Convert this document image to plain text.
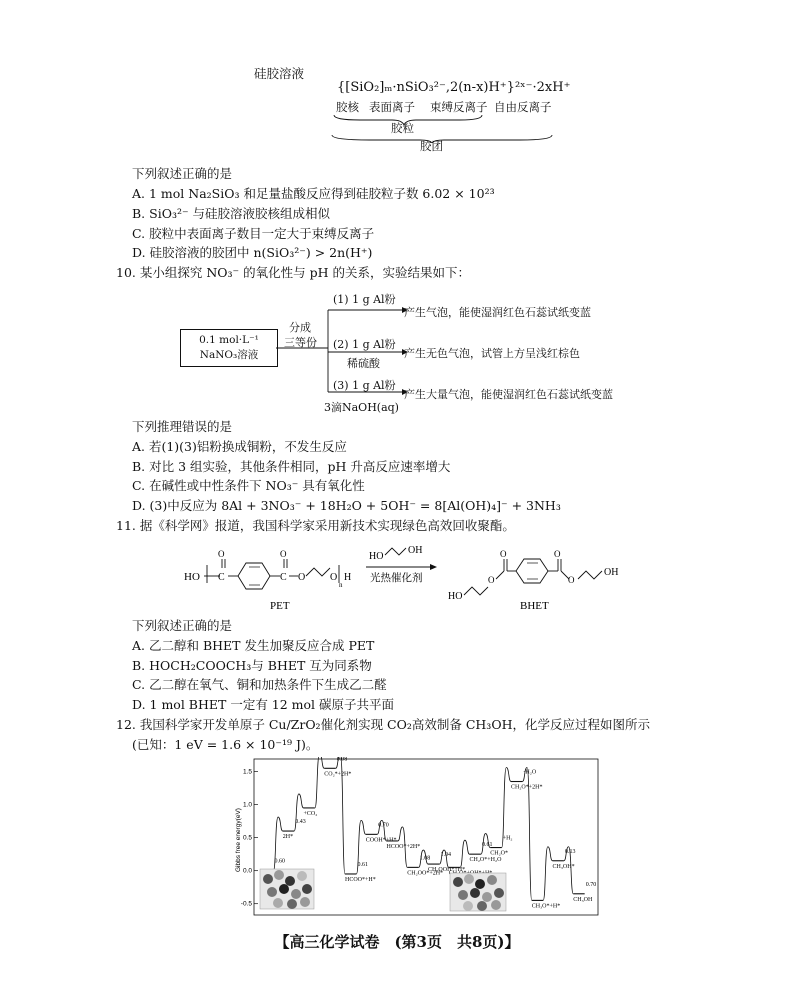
硅胶溶液
{[SiO₂]ₘ·nSiO₃²⁻,2(n-x)H⁺}²ˣ⁻·2xH⁺
胶核 表面离子 束缚反离子 自由反离子
胶粒
胶团
下列叙述正确的是
A. 1 mol Na₂SiO₃ 和足量盐酸反应得到硅胶粒子数 6.02 × 10²³
B. SiO₃²⁻ 与硅胶溶液胶核组成相似
C. 胶粒中表面离子数目一定大于束缚反离子
D. 硅胶溶液的胶团中 n(SiO₃²⁻) > 2n(H⁺)
10. 某小组探究 NO₃⁻ 的氧化性与 pH 的关系，实验结果如下：
0.1 mol·L⁻¹
NaNO₃溶液
分成
三等份
(1) 1 g Al粉
产生气泡，能使湿润红色石蕊试纸变蓝
(2) 1 g Al粉
稀硫酸
产生无色气泡，试管上方呈浅红棕色
(3) 1 g Al粉
3滴NaOH(aq)
产生大量气泡，能使湿润红色石蕊试纸变蓝
下列推理错误的是
A. 若(1)(3)铝粉换成铜粉，不发生反应
B. 对比 3 组实验，其他条件相同，pH 升高反应速率增大
C. 在碱性或中性条件下 NO₃⁻ 具有氧化性
D. (3)中反应为 8Al + 3NO₃⁻ + 18H₂O + 5OH⁻ = 8[Al(OH)₄]⁻ + 3NH₃
11. 据《科学网》报道，我国科学家采用新技术实现绿色高效回收聚酯。
HO C
O
C
O
O O
n
H
PET
HO
OH
光热催化剂
HO
O
O	O
O
OH
BHET
下列叙述正确的是
A. 乙二醇和 BHET 发生加聚反应合成 PET
B. HOCH₂COOCH₃与 BHET 互为同系物
C. 乙二醇在氧气、铜和加热条件下生成乙二醛
D. 1 mol BHET 一定有 12 mol 碳原子共平面
12. 我国科学家开发单原子 Cu/ZrO₂催化剂实现 CO₂高效制备 CH₃OH，化学反应过程如图所示
(已知：1 eV = 1.6 × 10⁻¹⁹ J)。
Gibbs free energy(eV)
1.5
1.0
0.5
0.0
-0.5
2H*
+CO₂
CO₂*+2H*
HCOO*+H*
COOH*+H*
HCOO*+2H*
CH₂OO*+2H*
CH₂OOH*+H*
CH₂O*+H₂O
CH₂O*
CH₂O*+2H*
CH₃O*+H*
CH₃OH*
CH₃OH
0.60
0.43
0.08
0.61
0.70
1.08
1.04
0.61
+H₂
-H₂O
0.13
0.70
【高三化学试卷　(第3页　共8页)】
